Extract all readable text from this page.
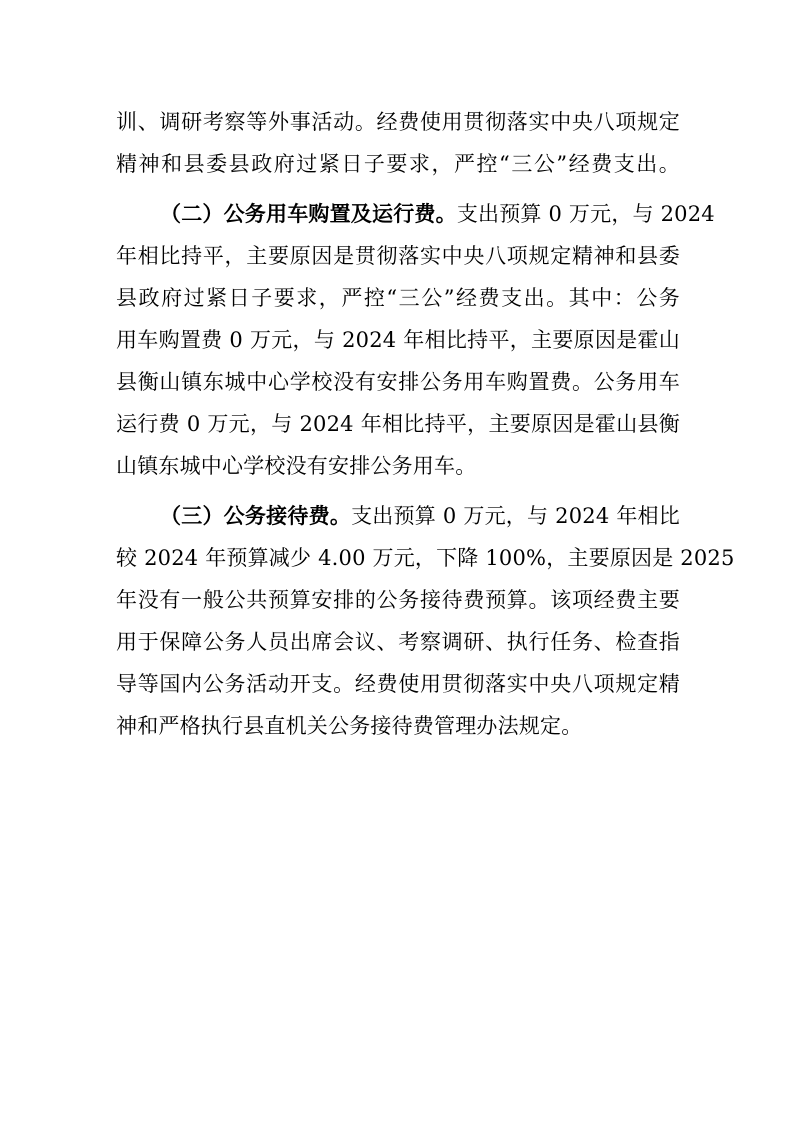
训、调研考察等外事活动。经费使用贯彻落实中央八项规定
精神和县委县政府过紧日子要求，严控“三公”经费支出。
（二）公务用车购置及运行费。支出预算 0 万元，与 2024
年相比持平，主要原因是贯彻落实中央八项规定精神和县委
县政府过紧日子要求，严控“三公”经费支出。其中：公务
用车购置费 0 万元，与 2024 年相比持平，主要原因是霍山
县衡山镇东城中心学校没有安排公务用车购置费。公务用车
运行费 0 万元，与 2024 年相比持平，主要原因是霍山县衡
山镇东城中心学校没有安排公务用车。
（三）公务接待费。支出预算 0 万元，与 2024 年相比
较 2024 年预算减少 4.00 万元，下降 100%，主要原因是 2025
年没有一般公共预算安排的公务接待费预算。该项经费主要
用于保障公务人员出席会议、考察调研、执行任务、检查指
导等国内公务活动开支。经费使用贯彻落实中央八项规定精
神和严格执行县直机关公务接待费管理办法规定。
